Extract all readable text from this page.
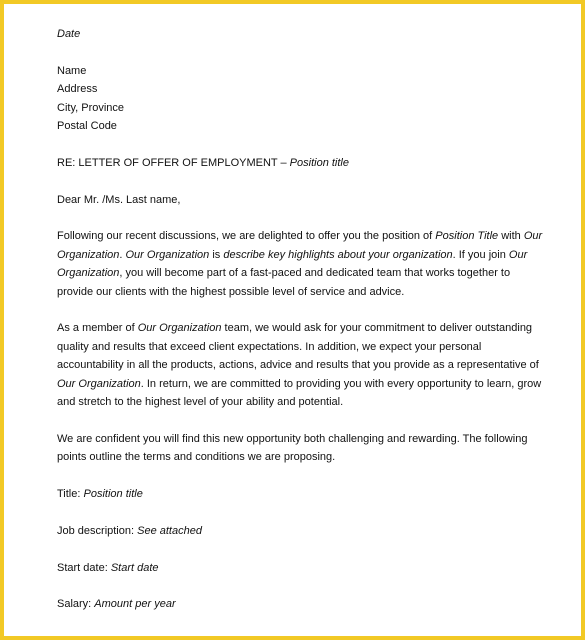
Date
Name
Address
City, Province
Postal Code
RE: LETTER OF OFFER OF EMPLOYMENT – Position title
Dear Mr. /Ms. Last name,
Following our recent discussions, we are delighted to offer you the position of Position Title with Our
Organization. Our Organization is describe key highlights about your organization. If you join Our
Organization, you will become part of a fast-paced and dedicated team that works together to
provide our clients with the highest possible level of service and advice.
As a member of Our Organization team, we would ask for your commitment to deliver outstanding
quality and results that exceed client expectations. In addition, we expect your personal
accountability in all the products, actions, advice and results that you provide as a representative of
Our Organization. In return, we are committed to providing you with every opportunity to learn, grow
and stretch to the highest level of your ability and potential.
We are confident you will find this new opportunity both challenging and rewarding. The following
points outline the terms and conditions we are proposing.
Title: Position title
Job description: See attached
Start date: Start date
Salary: Amount per year
